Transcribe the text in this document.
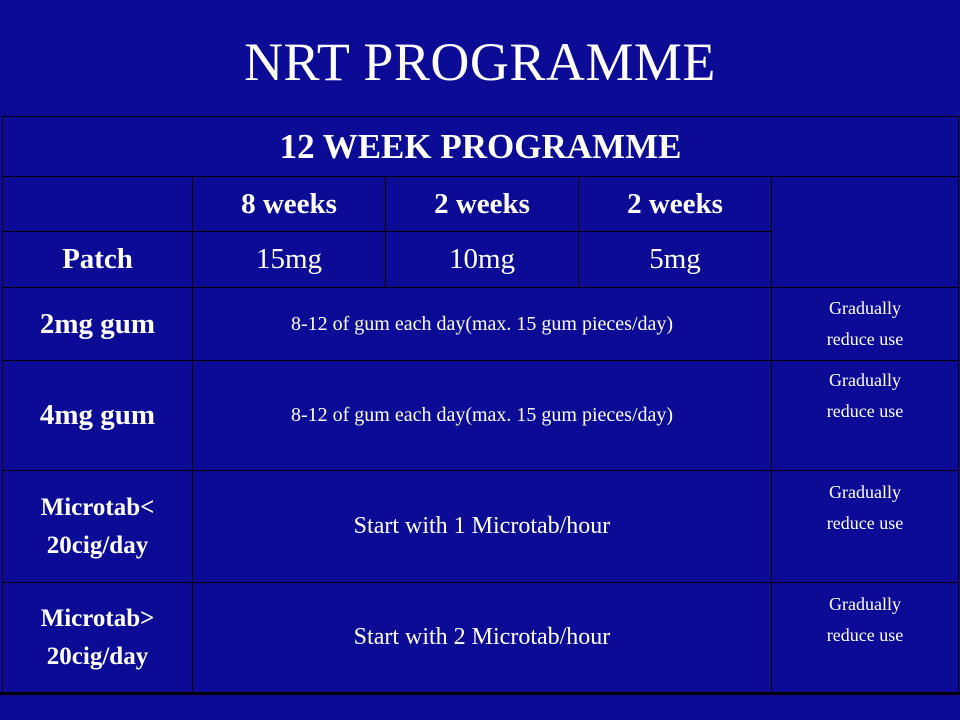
NRT PROGRAMME
12 WEEK PROGRAMME				
	8 weeks	2 weeks	2 weeks	
Patch	15mg	10mg	5mg	
2mg gum	8-12 of gum each day(max. 15 gum pieces/day)			Gradually
reduce use

4mg gum	8-12 of gum each day(max. 15 gum pieces/day)			Gradually
reduce use

Microtab<
20cig/day	Start with 1 Microtab/hour			Gradually
reduce use

Microtab>
20cig/day	Start with 2 Microtab/hour			Gradually
reduce use
